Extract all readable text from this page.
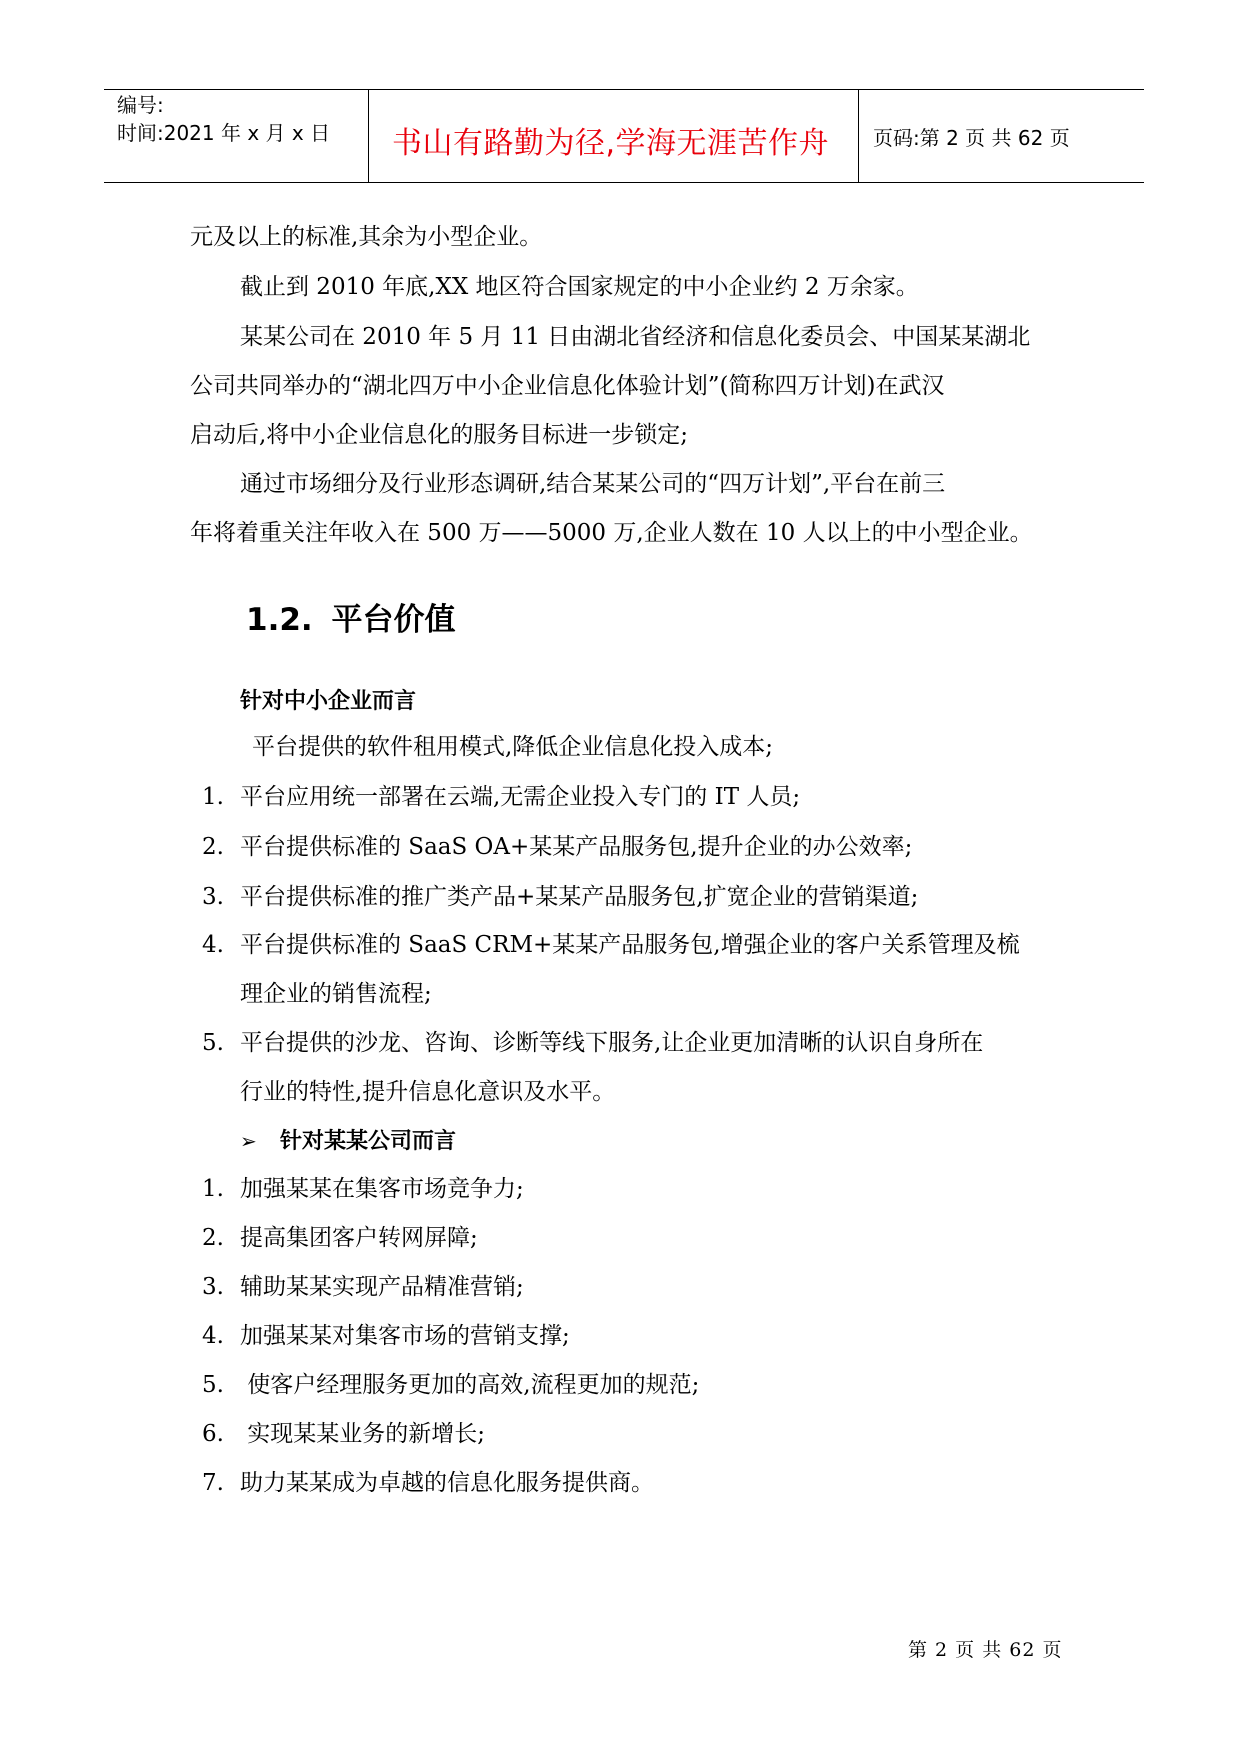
编号:
时间:2021 年 x 月 x 日 书山有路勤为径,学海无涯苦作舟 页码:第 2 页 共 62 页
元及以上的标准,其余为小型企业。
截止到 2010 年底,XX 地区符合国家规定的中小企业约 2 万余家。
某某公司在 2010 年 5 月 11 日由湖北省经济和信息化委员会、中国某某湖北
公司共同举办的“湖北四万中小企业信息化体验计划”(简称四万计划)在武汉
启动后,将中小企业信息化的服务目标进一步锁定;
通过市场细分及行业形态调研,结合某某公司的“四万计划”,平台在前三
年将着重关注年收入在 500 万——5000 万,企业人数在 10 人以上的中小型企业。
1.2. 平台价值
针对中小企业而言
平台提供的软件租用模式,降低企业信息化投入成本;
1. 平台应用统一部署在云端,无需企业投入专门的 IT 人员;
2. 平台提供标准的 SaaS OA+某某产品服务包,提升企业的办公效率;
3. 平台提供标准的推广类产品+某某产品服务包,扩宽企业的营销渠道;
4. 平台提供标准的 SaaS CRM+某某产品服务包,增强企业的客户关系管理及梳
理企业的销售流程;
5. 平台提供的沙龙、咨询、诊断等线下服务,让企业更加清晰的认识自身所在
行业的特性,提升信息化意识及水平。
➢ 针对某某公司而言
1. 加强某某在集客市场竞争力;
2. 提高集团客户转网屏障;
3. 辅助某某实现产品精准营销;
4. 加强某某对集客市场的营销支撑;
5. 使客户经理服务更加的高效,流程更加的规范;
6. 实现某某业务的新增长;
7. 助力某某成为卓越的信息化服务提供商。
第 2 页 共 62 页
